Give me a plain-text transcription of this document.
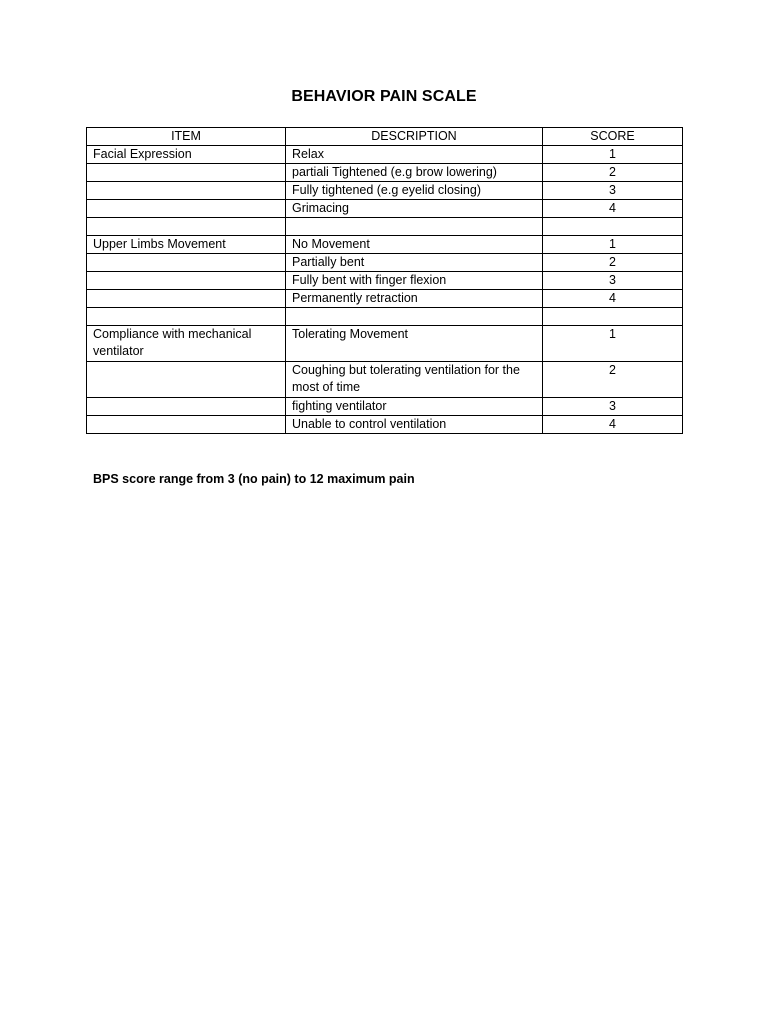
BEHAVIOR PAIN SCALE
ITEM	DESCRIPTION	SCORE
Facial Expression	Relax	1
	partiali Tightened (e.g brow lowering)	2
	Fully tightened (e.g eyelid closing)	3
	Grimacing	4

Upper Limbs Movement	No Movement	1
	Partially bent	2
	Fully bent with finger flexion	3
	Permanently retraction	4

Compliance with mechanical ventilator	Tolerating Movement	1
	Coughing but tolerating ventilation for the most of time	2
	fighting ventilator	3
	Unable to control ventilation	4
BPS score range from 3 (no pain) to 12 maximum pain
